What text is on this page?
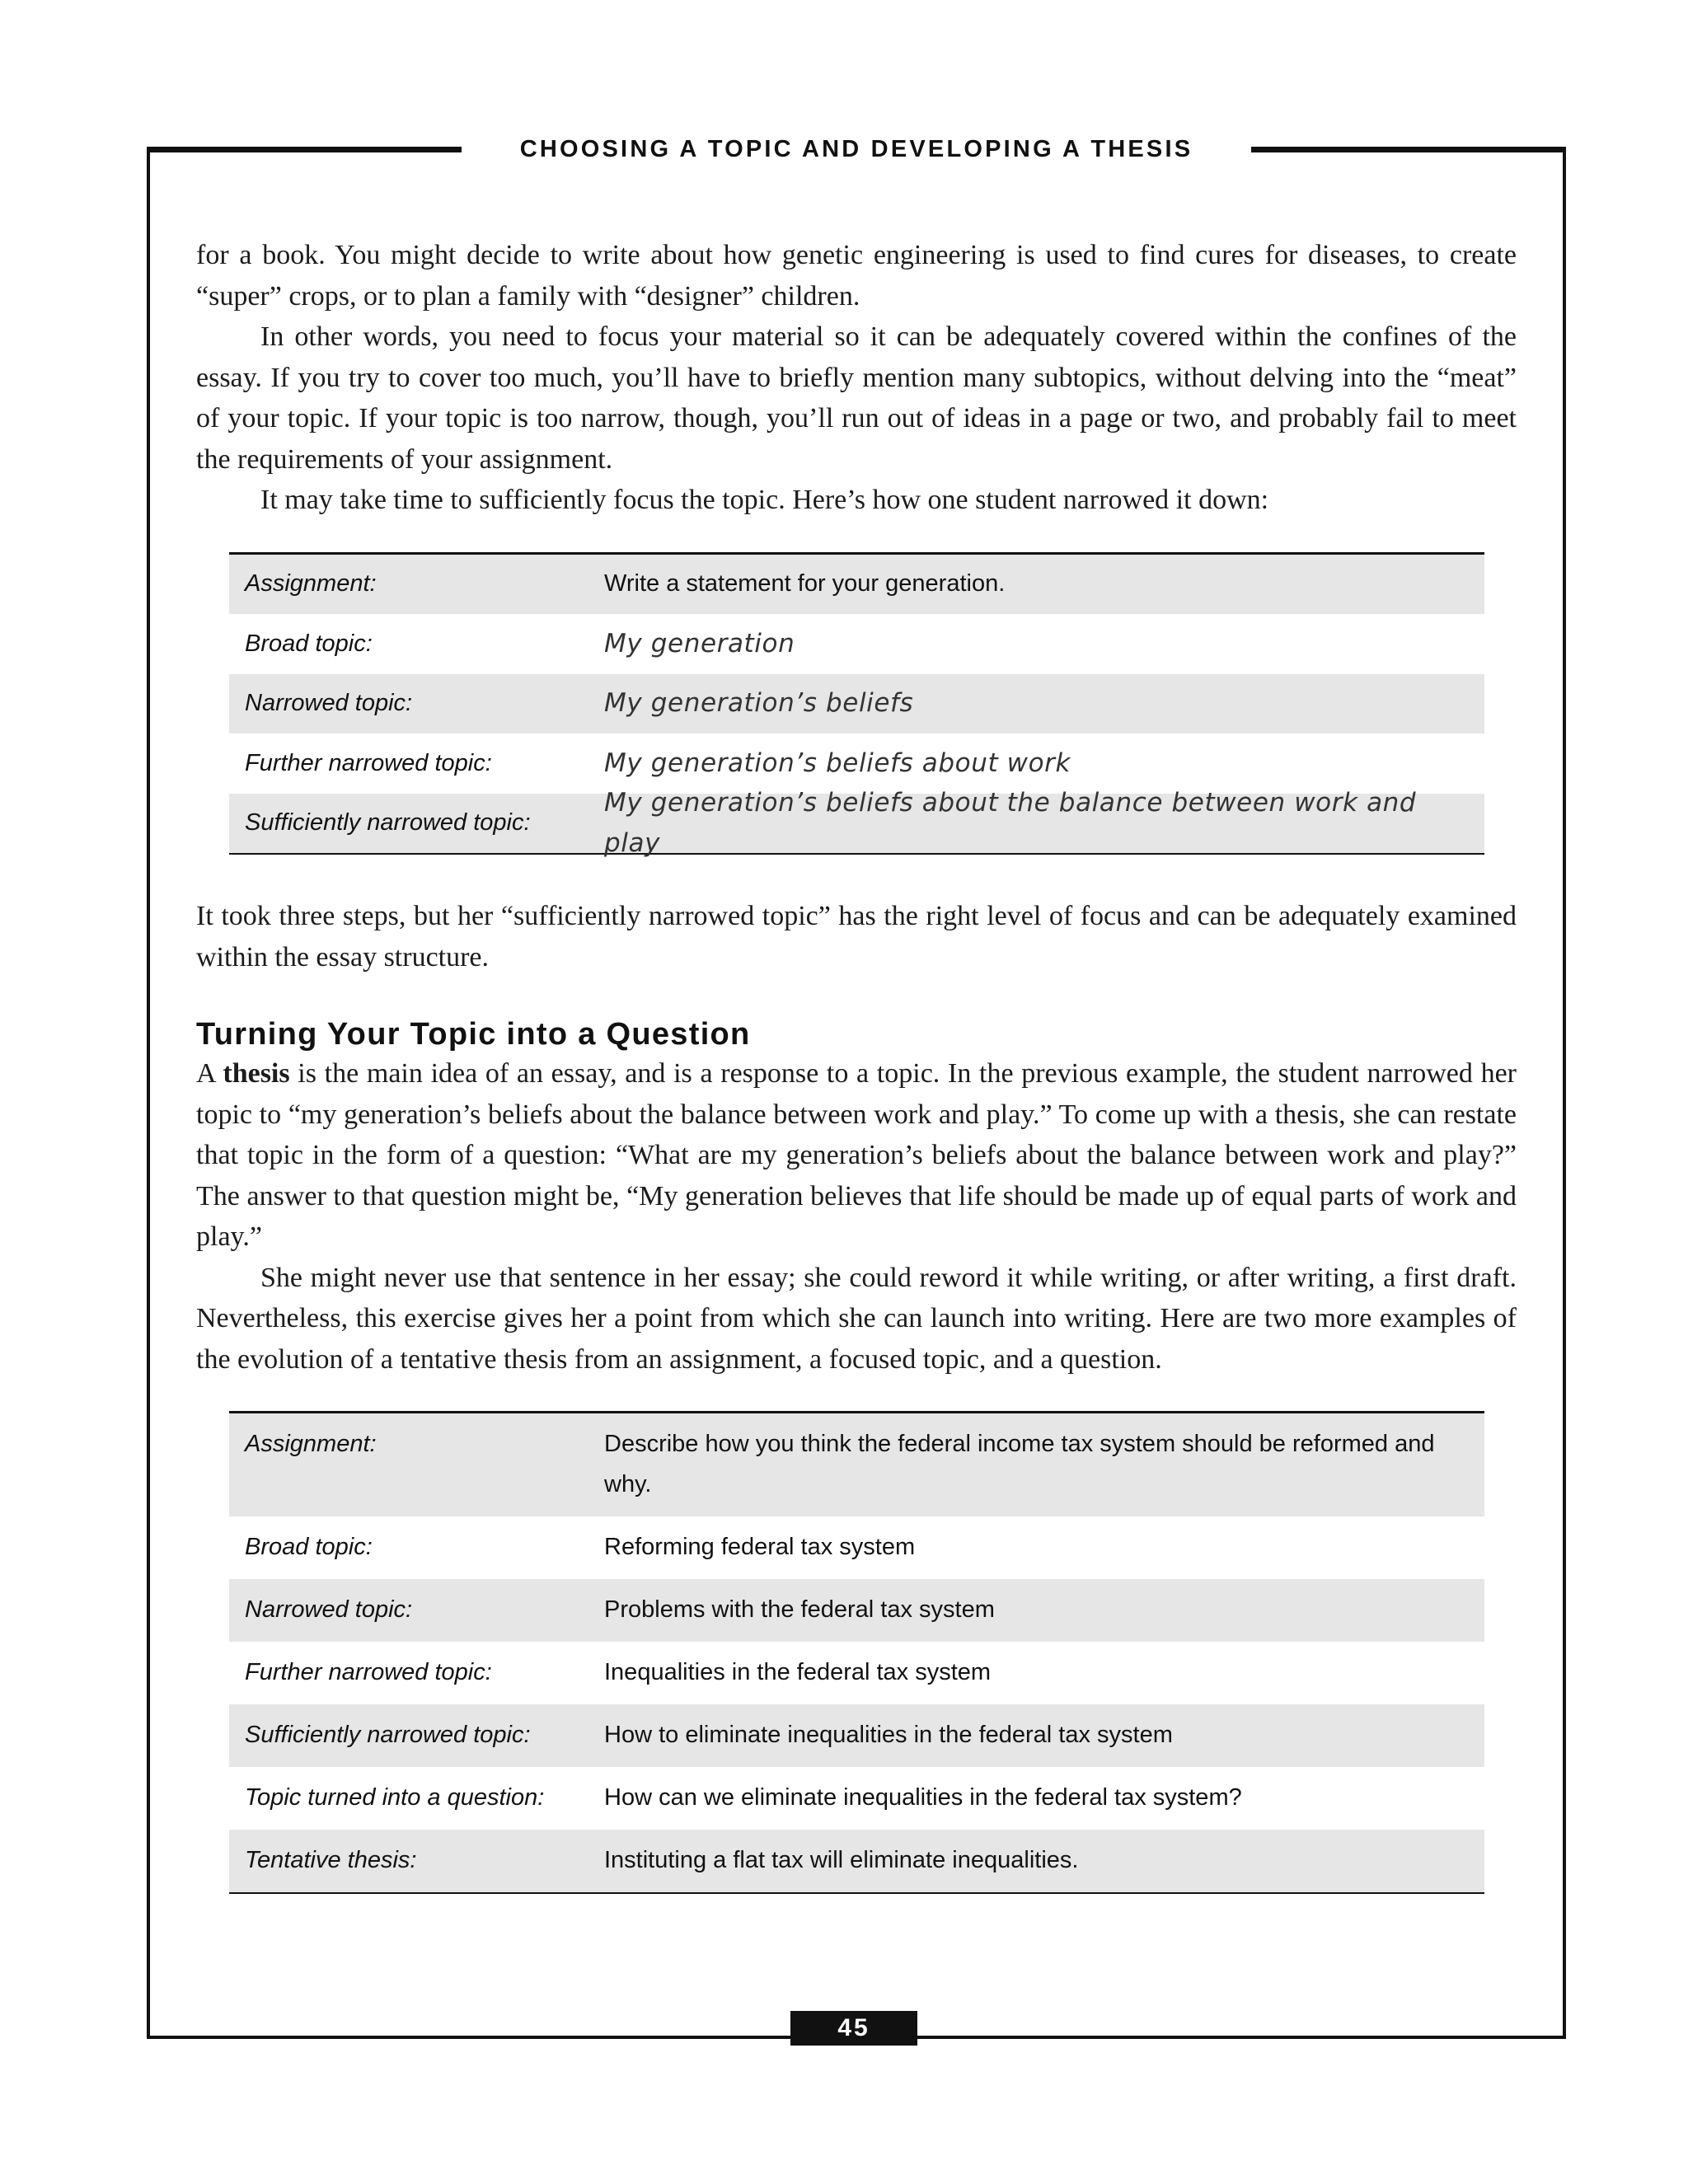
CHOOSING A TOPIC AND DEVELOPING A THESIS

for a book. You might decide to write about how genetic engineering is used to find cures for diseases, to create “super” crops, or to plan a family with “designer” children.

In other words, you need to focus your material so it can be adequately covered within the confines of the essay. If you try to cover too much, you’ll have to briefly mention many subtopics, without delving into the “meat” of your topic. If your topic is too narrow, though, you’ll run out of ideas in a page or two, and probably fail to meet the requirements of your assignment.

It may take time to sufficiently focus the topic. Here’s how one student narrowed it down:

Assignment:	Write a statement for your generation.
Broad topic:	My generation
Narrowed topic:	My generation’s beliefs
Further narrowed topic:	My generation’s beliefs about work
Sufficiently narrowed topic:
My generation’s beliefs about the balance between work and play

It took three steps, but her “sufficiently narrowed topic” has the right level of focus and can be adequately examined within the essay structure.

Turning Your Topic into a Question

A thesis is the main idea of an essay, and is a response to a topic. In the previous example, the student narrowed her topic to “my generation’s beliefs about the balance between work and play.” To come up with a thesis, she can restate that topic in the form of a question: “What are my generation’s beliefs about the balance between work and play?” The answer to that question might be, “My generation believes that life should be made up of equal parts of work and play.”

She might never use that sentence in her essay; she could reword it while writing, or after writing, a first draft. Nevertheless, this exercise gives her a point from which she can launch into writing. Here are two more examples of the evolution of a tentative thesis from an assignment, a focused topic, and a question.

Assignment:	Describe how you think the federal income tax system should be reformed and why.
Broad topic:	Reforming federal tax system
Narrowed topic:	Problems with the federal tax system
Further narrowed topic:	Inequalities in the federal tax system
Sufficiently narrowed topic:	How to eliminate inequalities in the federal tax system
Topic turned into a question:	How can we eliminate inequalities in the federal tax system?
Tentative thesis:	Instituting a flat tax will eliminate inequalities.
45
